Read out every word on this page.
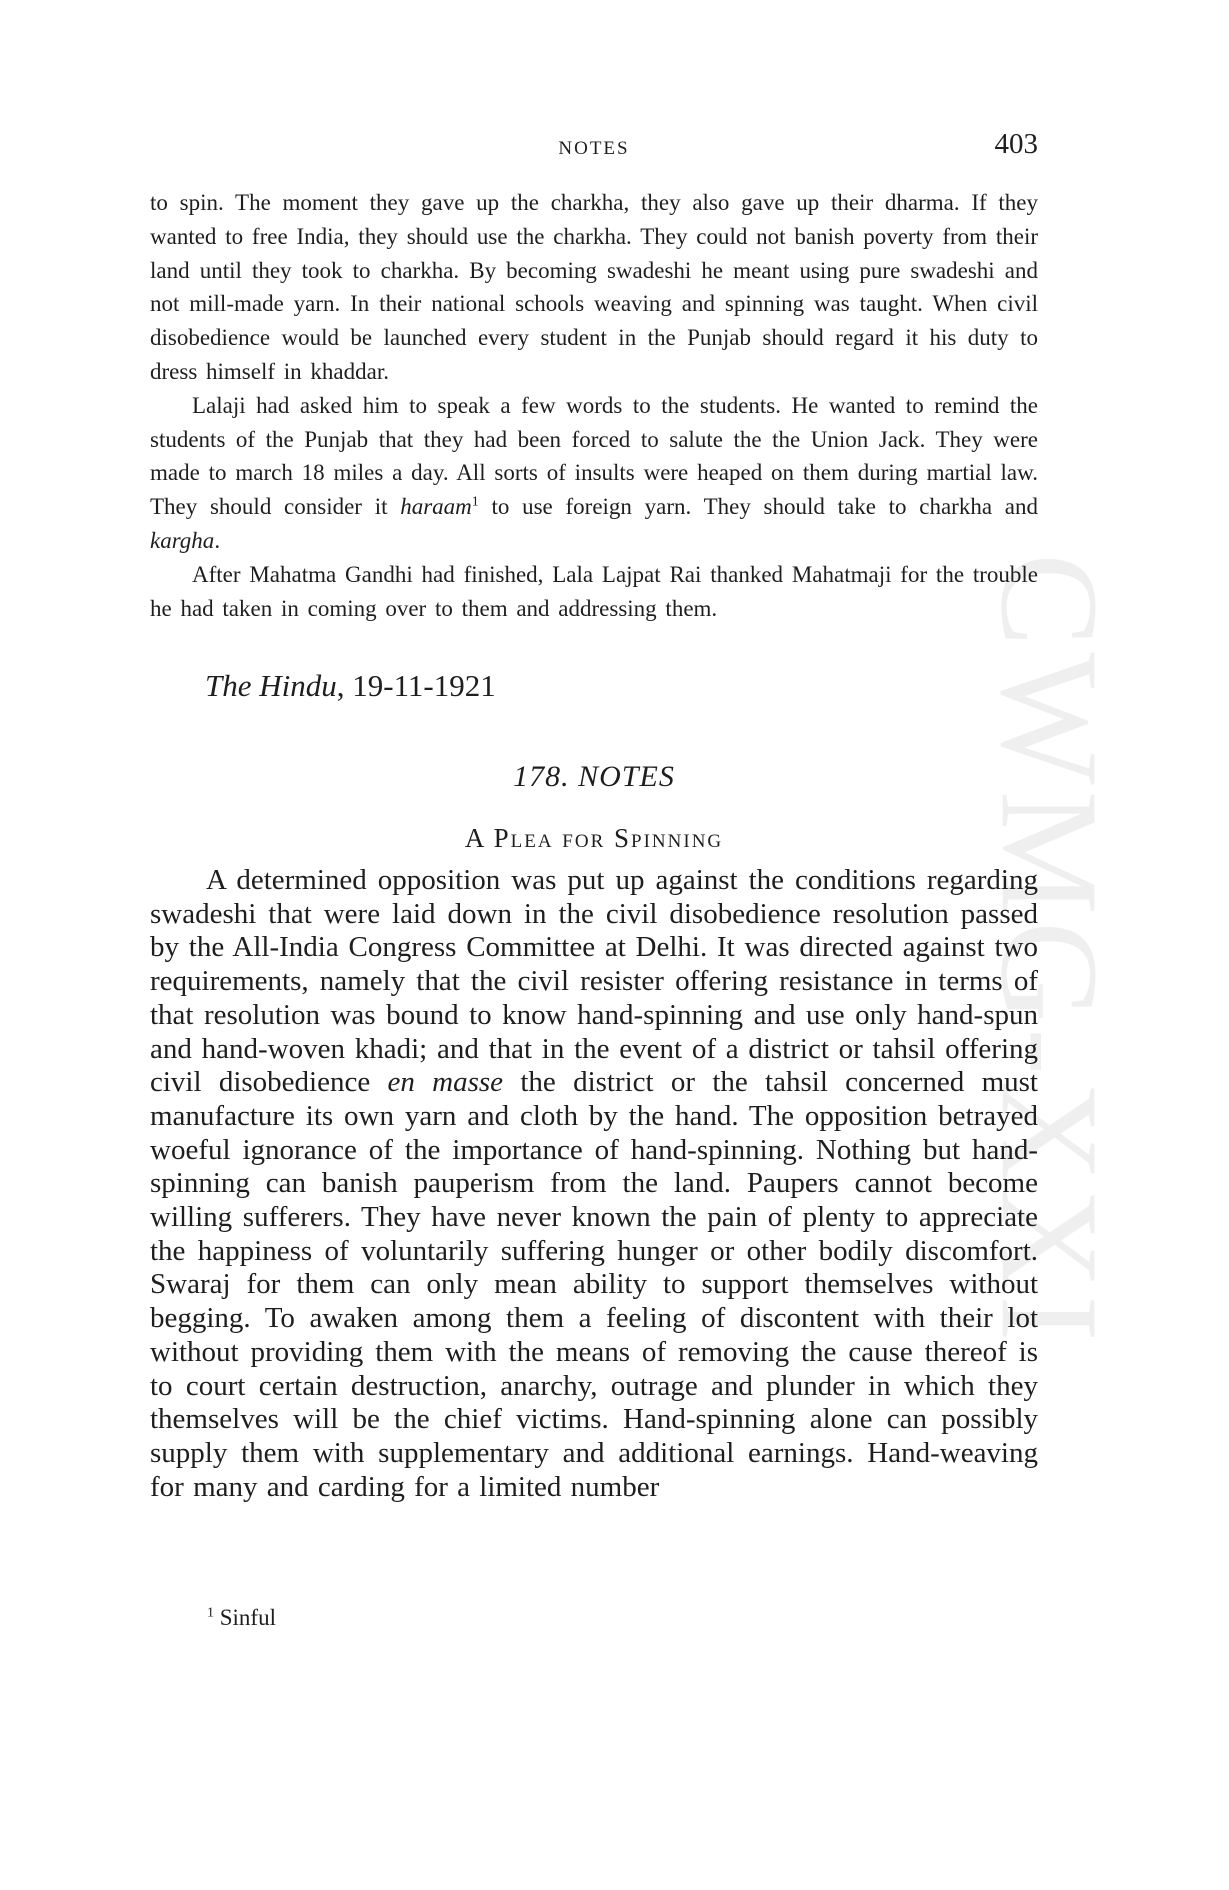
CWMG-XXI
NOTES	403

to spin. The moment they gave up the charkha, they also gave up their dharma. If they wanted to free India, they should use the charkha. They could not banish poverty from their land until they took to charkha. By becoming swadeshi he meant using pure swadeshi and not mill-made yarn. In their national schools weaving and spinning was taught. When civil disobedience would be launched every student in the Punjab should regard it his duty to dress himself in khaddar.

Lalaji had asked him to speak a few words to the students. He wanted to remind the students of the Punjab that they had been forced to salute the the Union Jack. They were made to march 18 miles a day. All sorts of insults were heaped on them during martial law. They should consider it haraam$^1$ to use foreign yarn. They should take to charkha and kargha.

After Mahatma Gandhi had finished, Lala Lajpat Rai thanked Mahatmaji for the trouble he had taken in coming over to them and addressing them.

The Hindu, 19-11-1921
178. NOTES
A Plea for Spinning

A determined opposition was put up against the conditions regarding swadeshi that were laid down in the civil disobedience resolution passed by the All-India Congress Committee at Delhi. It was directed against two requirements, namely that the civil resister offering resistance in terms of that resolution was bound to know hand-spinning and use only hand-spun and hand-woven khadi; and that in the event of a district or tahsil offering civil disobedience en masse the district or the tahsil concerned must manufacture its own yarn and cloth by the hand. The opposition betrayed woeful ignorance of the importance of hand-spinning. Nothing but hand-spinning can banish pauperism from the land. Paupers cannot become willing sufferers. They have never known the pain of plenty to appreciate the happiness of voluntarily suffering hunger or other bodily discomfort. Swaraj for them can only mean ability to support themselves without begging. To awaken among them a feeling of discontent with their lot without providing them with the means of removing the cause thereof is to court certain destruction, anarchy, outrage and plunder in which they themselves will be the chief victims. Hand-spinning alone can possibly supply them with supplementary and additional earnings. Hand-weaving for many and carding for a limited number

$^1$ Sinful
